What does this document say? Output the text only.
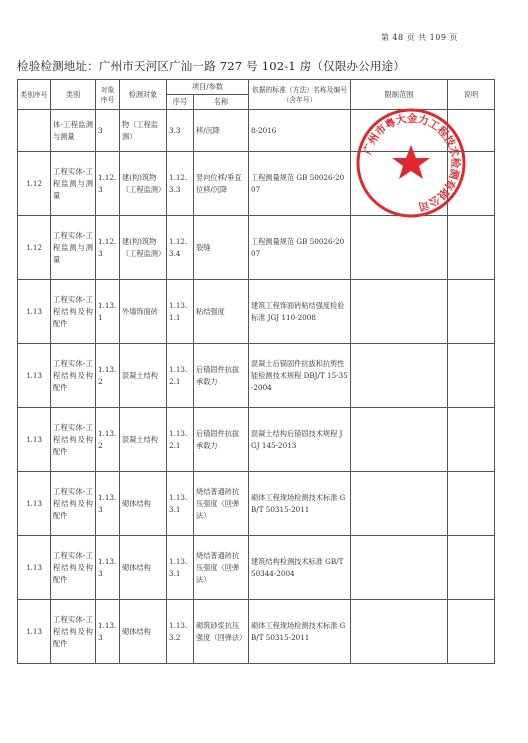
第 48 页 共 109 页
检验检测地址：广州市天河区广汕一路 727 号 102-1 房（仅限办公用途）
类别序号	类别	对象序号	检测对象	项目/参数		依据的标准（方法）名称及编号（含年号）	限制范围	说明
				序号	名称			
	体-工程监测与测量	3	物（工程监测）	3.3	移/沉降	8-2016		
1.12	工程实体-工程监测与测量	1.12.3	建(构)筑物（工程监测）	1.12.3.3	竖向位移/垂直位移/沉降	工程测量规范 GB 50026-2007		
1.12	工程实体-工程监测与测量	1.12.3	建(构)筑物（工程监测）	1.12.3.4	裂缝	工程测量规范 GB 50026-2007		
1.13	工程实体-工程结构及构配件	1.13.1	外墙饰面砖	1.13.1.1	粘结强度	建筑工程饰面砖粘结强度检验标准 JGJ 110-2008		
1.13	工程实体-工程结构及构配件	1.13.2	混凝土结构	1.13.2.1	后锚固件抗拔承载力	混凝土后锚固件抗拔和抗剪性能检测技术规程 DBJ/T 15-35-2004		
1.13	工程实体-工程结构及构配件	1.13.2	混凝土结构	1.13.2.1	后锚固件抗拔承载力	混凝土结构后锚固技术规程 JGJ 145-2013		
1.13	工程实体-工程结构及构配件	1.13.3	砌体结构	1.13.3.1	烧结普通砖抗压强度（回弹法）	砌体工程现场检测技术标准 GB/T 50315-2011		
1.13	工程实体-工程结构及构配件	1.13.3	砌体结构	1.13.3.1	烧结普通砖抗压强度（回弹法）	建筑结构检测技术标准 GB/T 50344-2004		
1.13	工程实体-工程结构及构配件	1.13.3	砌体结构	1.13.3.2	砌筑砂浆抗压强度（回弹法）	砌体工程现场检测技术标准 GB/T 50315-2011		
广州市粤大金力工程技术检测有限公司
